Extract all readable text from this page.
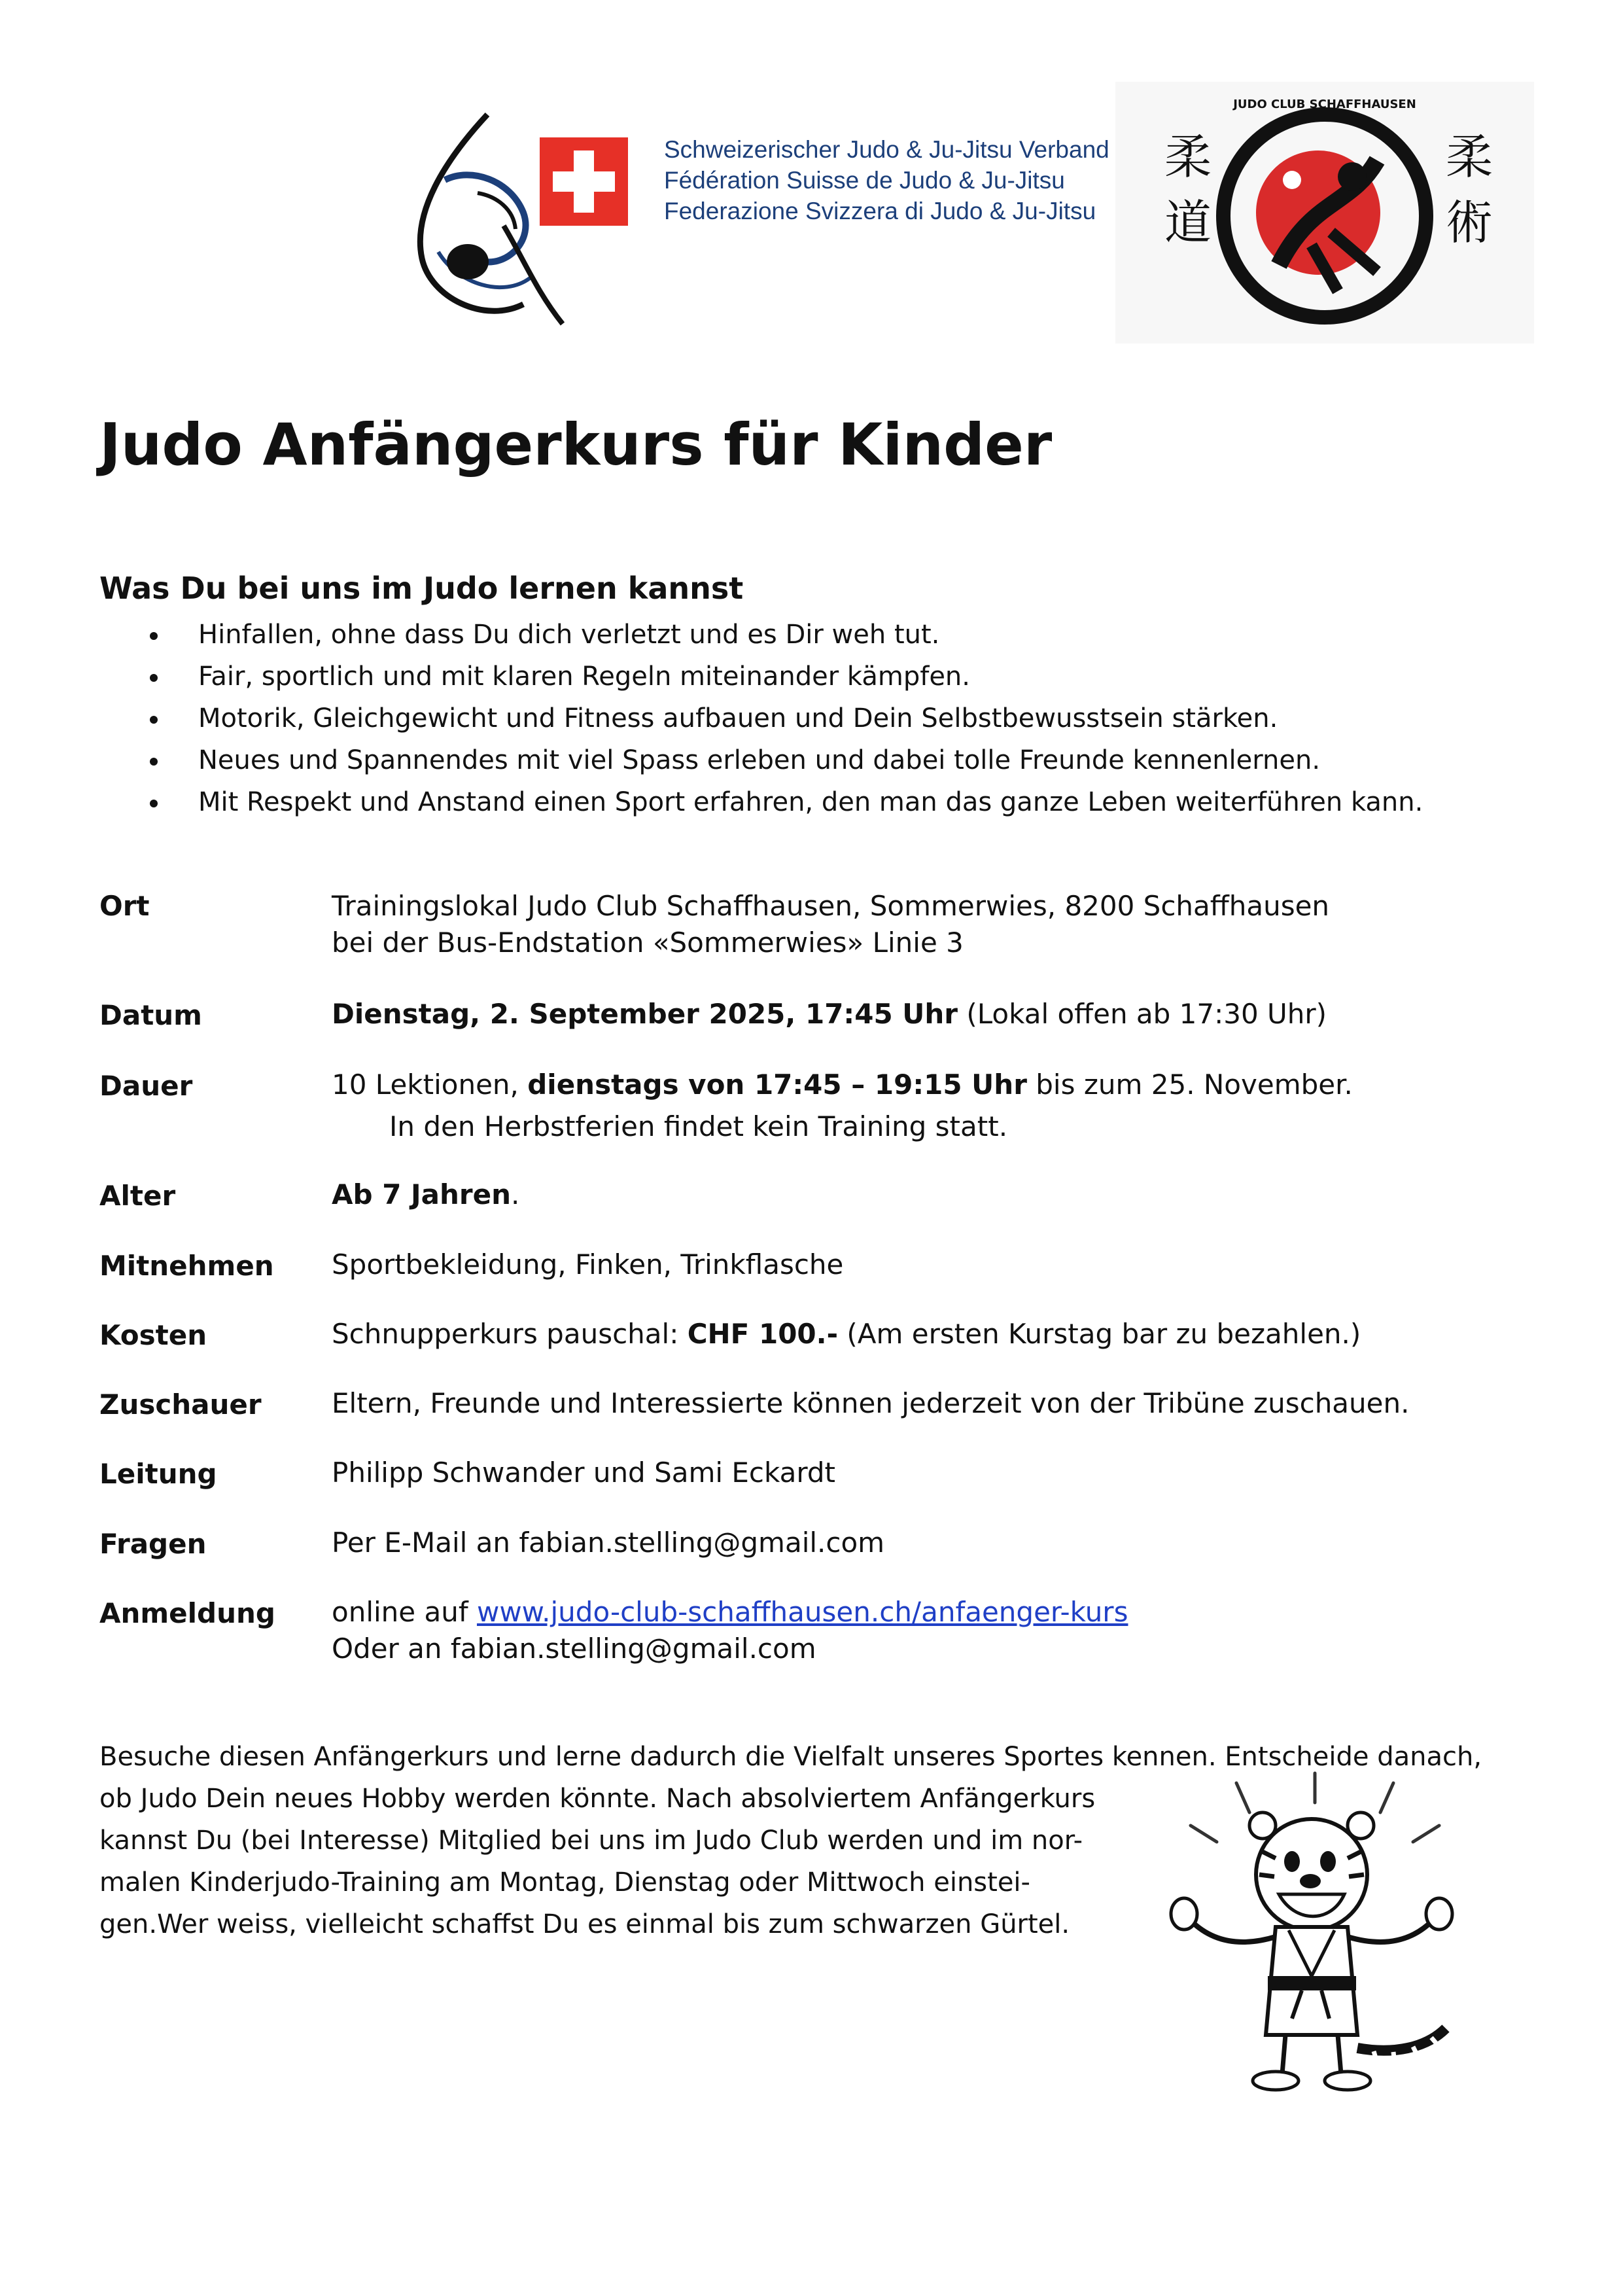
Schweizerischer Judo & Ju-Jitsu Verband
Fédération Suisse de Judo & Ju-Jitsu
Federazione Svizzera di Judo & Ju-Jitsu
JUDO CLUB SCHAFFHAUSEN
柔
道
柔
術
Judo Anfängerkurs für Kinder
Was Du bei uns im Judo lernen kannst
Hinfallen, ohne dass Du dich verletzt und es Dir weh tut.
Fair, sportlich und mit klaren Regeln miteinander kämpfen.
Motorik, Gleichgewicht und Fitness aufbauen und Dein Selbstbewusstsein stärken.
Neues und Spannendes mit viel Spass erleben und dabei tolle Freunde kennenlernen.
Mit Respekt und Anstand einen Sport erfahren, den man das ganze Leben weiterführen kann.
Ort	Trainingslokal Judo Club Schaffhausen, Sommerwies, 8200 Schaffhausen
bei der Bus-Endstation «Sommerwies» Linie 3
Datum	Dienstag, 2. September 2025, 17:45 Uhr (Lokal offen ab 17:30 Uhr)
Dauer	10 Lektionen, dienstags von 17:45 – 19:15 Uhr bis zum 25. November.
In den Herbstferien findet kein Training statt.
Alter	Ab 7 Jahren.
Mitnehmen Sportbekleidung, Finken, Trinkflasche
Kosten	Schnupperkurs pauschal: CHF 100.- (Am ersten Kurstag bar zu bezahlen.)
Zuschauer	Eltern, Freunde und Interessierte können jederzeit von der Tribüne zuschauen.
Leitung	Philipp Schwander und Sami Eckardt
Fragen	Per E-Mail an fabian.stelling@gmail.com
Anmeldung online auf www.judo-club-schaffhausen.ch/anfaenger-kurs
Oder an fabian.stelling@gmail.com
Besuche diesen Anfängerkurs und lerne dadurch die Vielfalt unseres Sportes kennen. Entscheide danach,
ob Judo Dein neues Hobby werden könnte. Nach absolviertem Anfängerkurs
kannst Du (bei Interesse) Mitglied bei uns im Judo Club werden und im nor-
malen Kinderjudo-Training am Montag, Dienstag oder Mittwoch einstei-
gen.Wer weiss, vielleicht schaffst Du es einmal bis zum schwarzen Gürtel.
